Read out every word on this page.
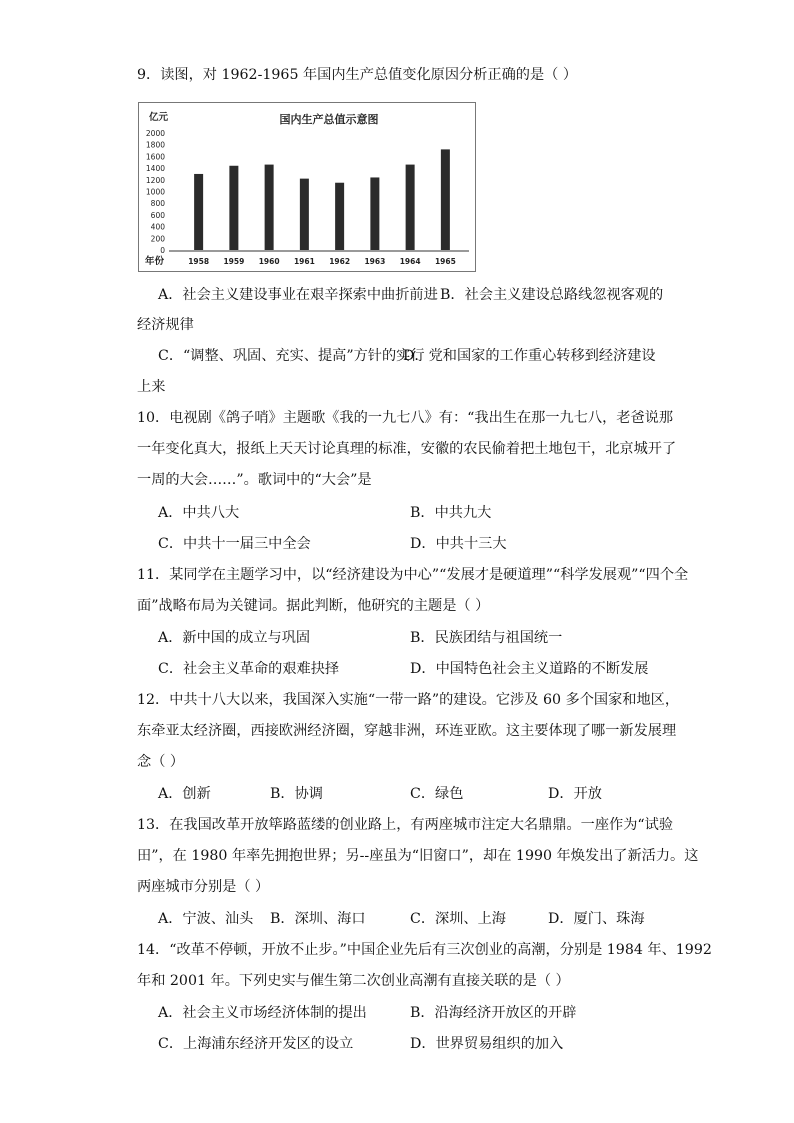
9．读图，对 1962-1965 年国内生产总值变化原因分析正确的是（ ）
亿元	国内生产总值示意图
2000
1800
1600
1400
1200
1000
800
600
400
200
0
1958 1959 1960 1961 1962 1963 1964 1965
年份
A．社会主义建设事业在艰辛探索中曲折前进 B．社会主义建设总路线忽视客观的
经济规律
C．“调整、巩固、充实、提高”方针的实行
D．党和国家的工作重心转移到经济建设
上来
10．电视剧《鸽子哨》主题歌《我的一九七八》有：“我出生在那一九七八，老爸说那
一年变化真大，报纸上天天讨论真理的标准，安徽的农民偷着把土地包干，北京城开了
一周的大会……”。歌词中的“大会”是
A．中共八大	B．中共九大
C．中共十一届三中全会	D．中共十三大
11．某同学在主题学习中，以“经济建设为中心”“发展才是硬道理”“科学发展观”“四个全
面”战略布局为关键词。据此判断，他研究的主题是（ ）
A．新中国的成立与巩固	B．民族团结与祖国统一
C．社会主义革命的艰难抉择	D．中国特色社会主义道路的不断发展
12．中共十八大以来，我国深入实施“一带一路”的建设。它涉及 60 多个国家和地区，
东牵亚太经济圈，西接欧洲经济圈，穿越非洲，环连亚欧。这主要体现了哪一新发展理
念（ ）
A．创新	B．协调	C．绿色	D．开放
13．在我国改革开放筚路蓝缕的创业路上，有两座城市注定大名鼎鼎。一座作为“试验
田”，在 1980 年率先拥抱世界；另--座虽为“旧窗口”，却在 1990 年焕发出了新活力。这
两座城市分别是（ ）
A．宁波、汕头 B．深圳、海口	C．深圳、上海	D．厦门、珠海
14．“改革不停顿，开放不止步。”中国企业先后有三次创业的高潮，分别是 1984 年、1992
年和 2001 年。下列史实与催生第二次创业高潮有直接关联的是（ ）
A．社会主义市场经济体制的提出	B．沿海经济开放区的开辟
C．上海浦东经济开发区的设立	D．世界贸易组织的加入
